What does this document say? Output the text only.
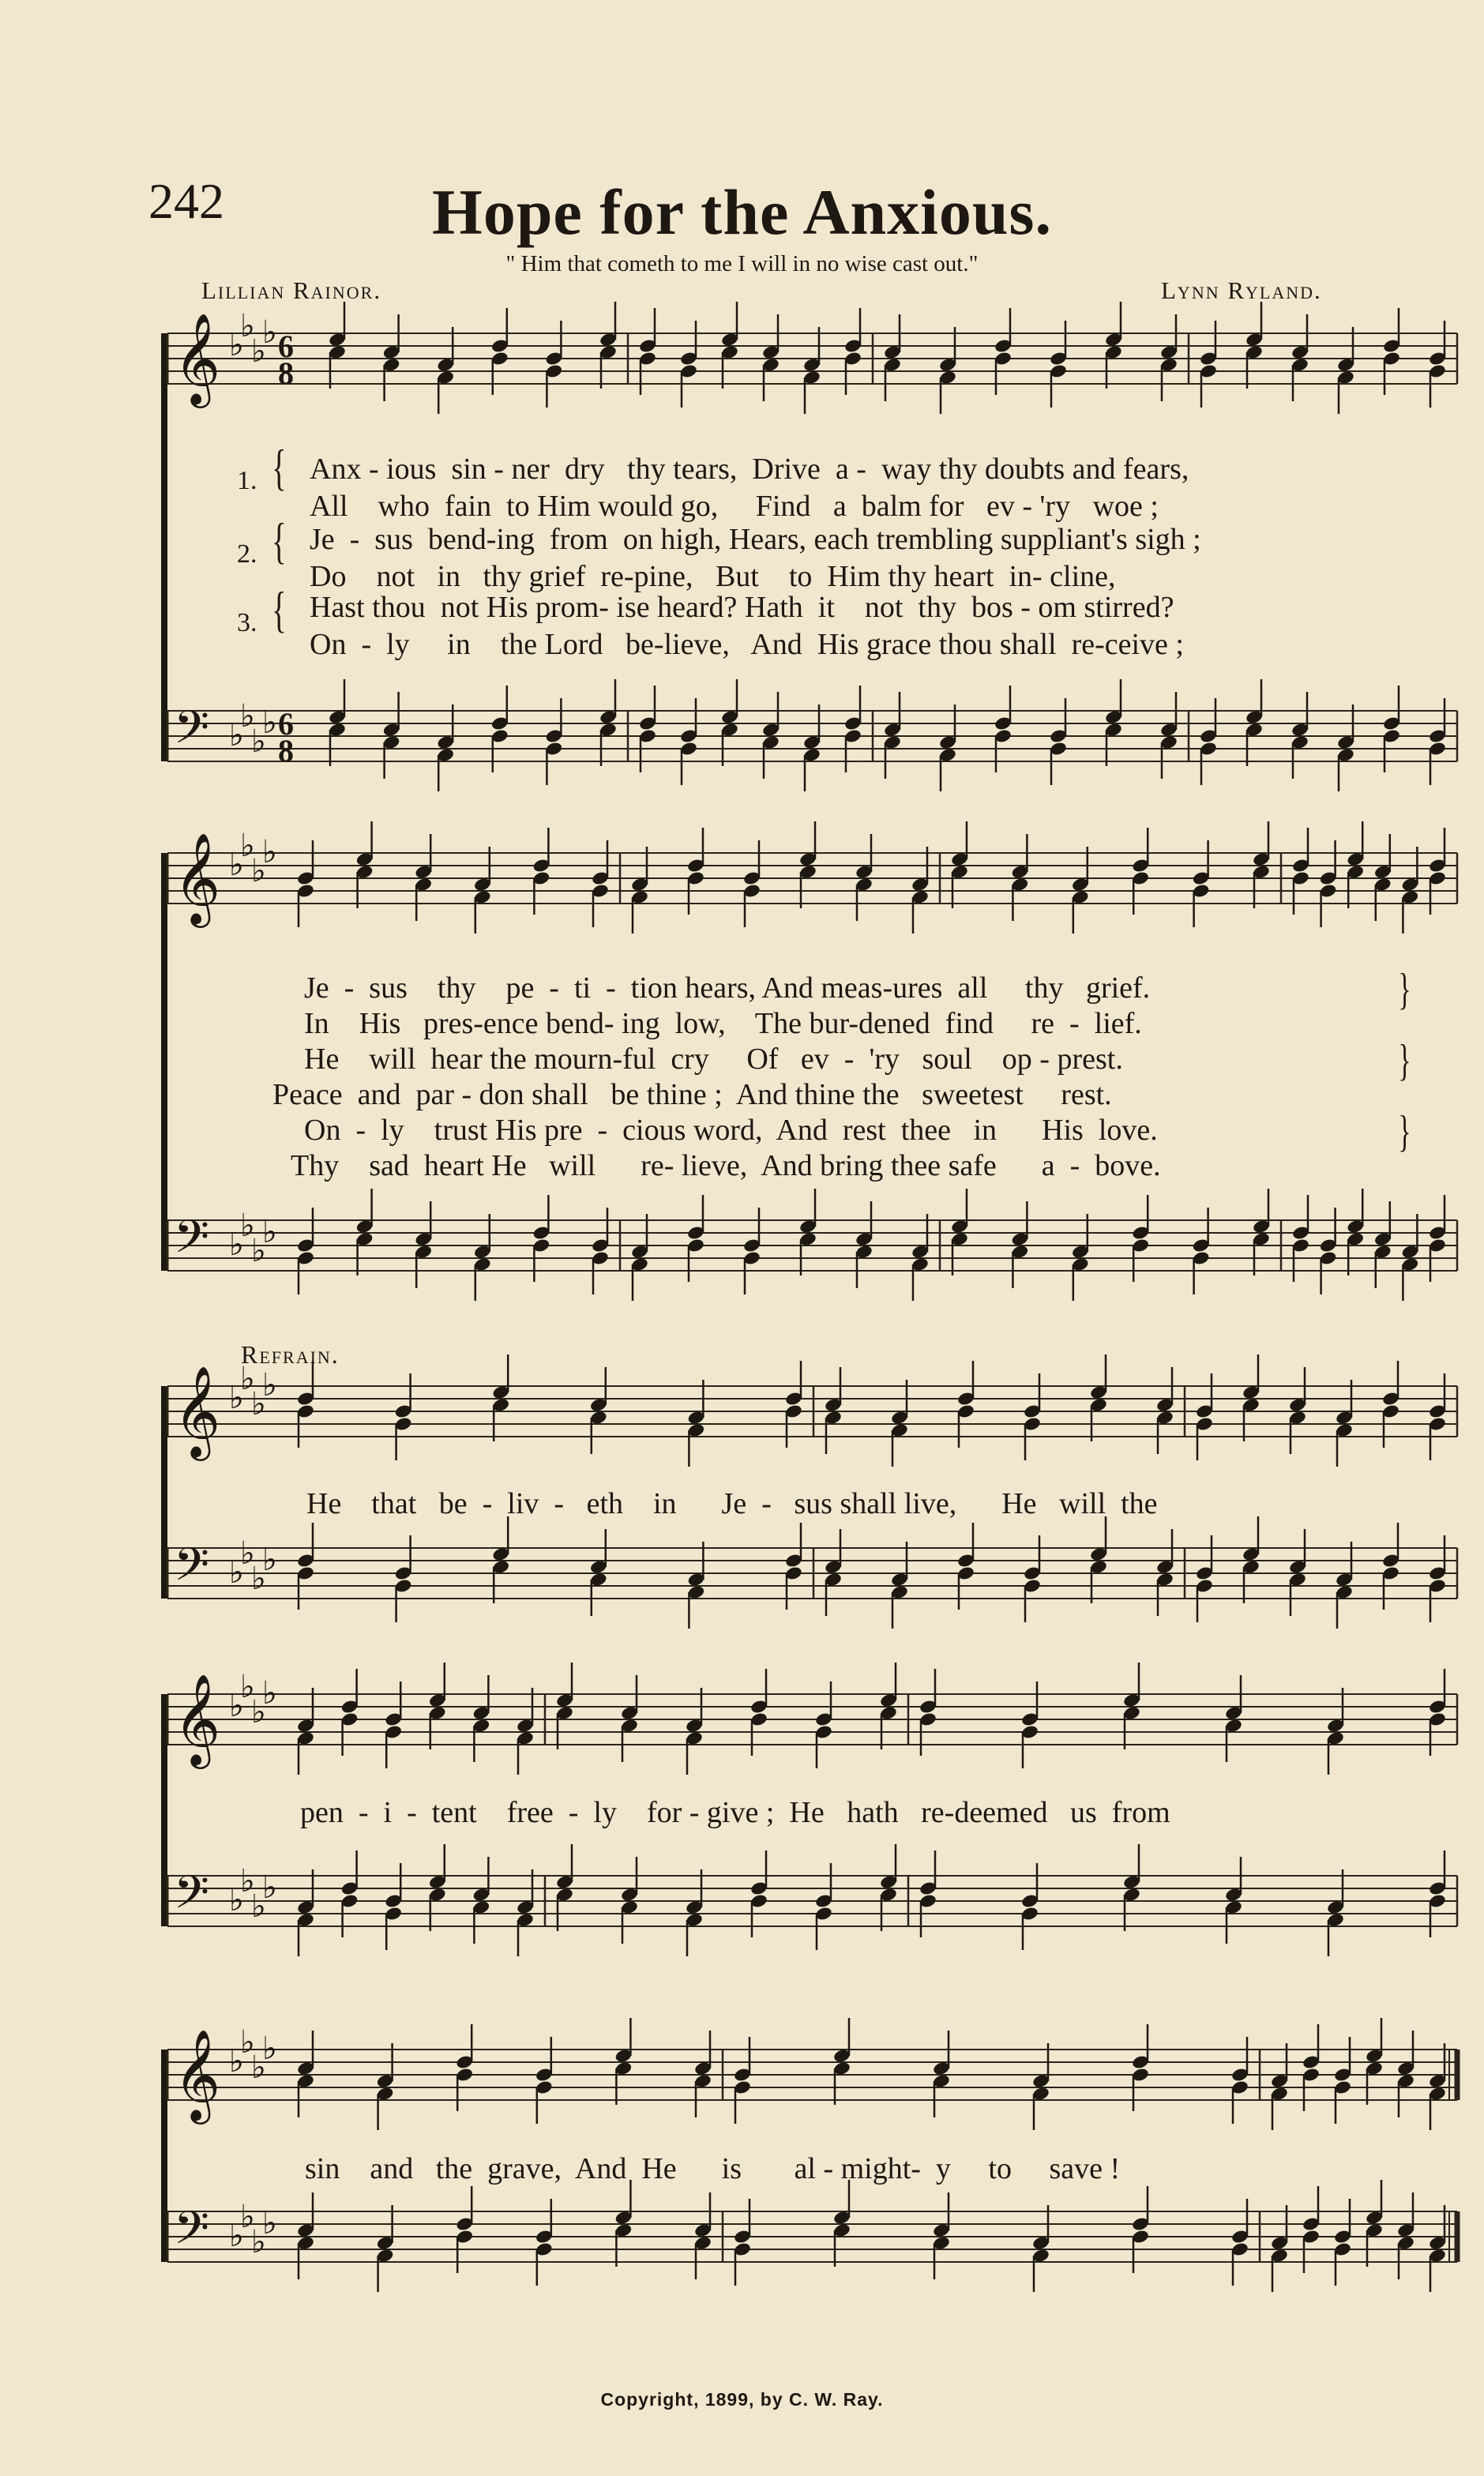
𝄞 ♭
♭
♭
♭ 6
8
𝄢 ♭
♭
♭
♭ 6
8
𝄞 ♭
♭
♭
♭
𝄢 ♭
♭
♭
♭
𝄞 ♭
♭
♭
♭
𝄢 ♭
♭
♭
♭
𝄞 ♭
♭
♭
♭
𝄢 ♭
♭
♭
♭
𝄞 ♭
♭
♭
♭
𝄢 ♭
♭
♭
♭
242	Hope for the Anxious.
" Him that cometh to me I will in no wise cast out."
Lillian Rainor.	Lynn Ryland.
1. { Anx - ious  sin - ner  dry   thy tears,  Drive  a -  way thy doubts and fears,
All    who  fain  to Him would go,     Find   a  balm for   ev - 'ry   woe ;
2. { Je  -  sus  bend-ing  from  on high, Hears, each trembling suppliant's sigh ;
Do    not   in   thy grief  re-pine,   But    to  Him thy heart  in- cline,
3. { Hast thou  not His prom- ise heard? Hath  it    not  thy  bos - om stirred?
On  -  ly     in    the Lord   be-lieve,   And  His grace thou shall  re-ceive ;
Je  -  sus    thy    pe  -  ti  -  tion hears, And meas-ures  all     thy   grief.
In    His   pres-ence bend- ing  low,    The bur-dened  find     re  -  lief.
He    will  hear the mourn-ful  cry     Of   ev  -  'ry   soul    op - prest.
Peace  and  par - don shall   be thine ;  And thine the   sweetest     rest.
On  -  ly    trust His pre  -  cious word,  And  rest  thee   in      His  love.
Thy    sad  heart He   will      re- lieve,  And bring thee safe      a  -  bove.
}
}
}
Refrain.
He    that   be  -  liv  -   eth    in      Je  -   sus shall live,      He   will  the
pen  -  i  -  tent    free  -  ly    for - give ;  He   hath   re-deemed   us  from
sin    and   the  grave,  And  He      is       al - might-  y     to     save !
Copyright, 1899, by C. W. Ray.
